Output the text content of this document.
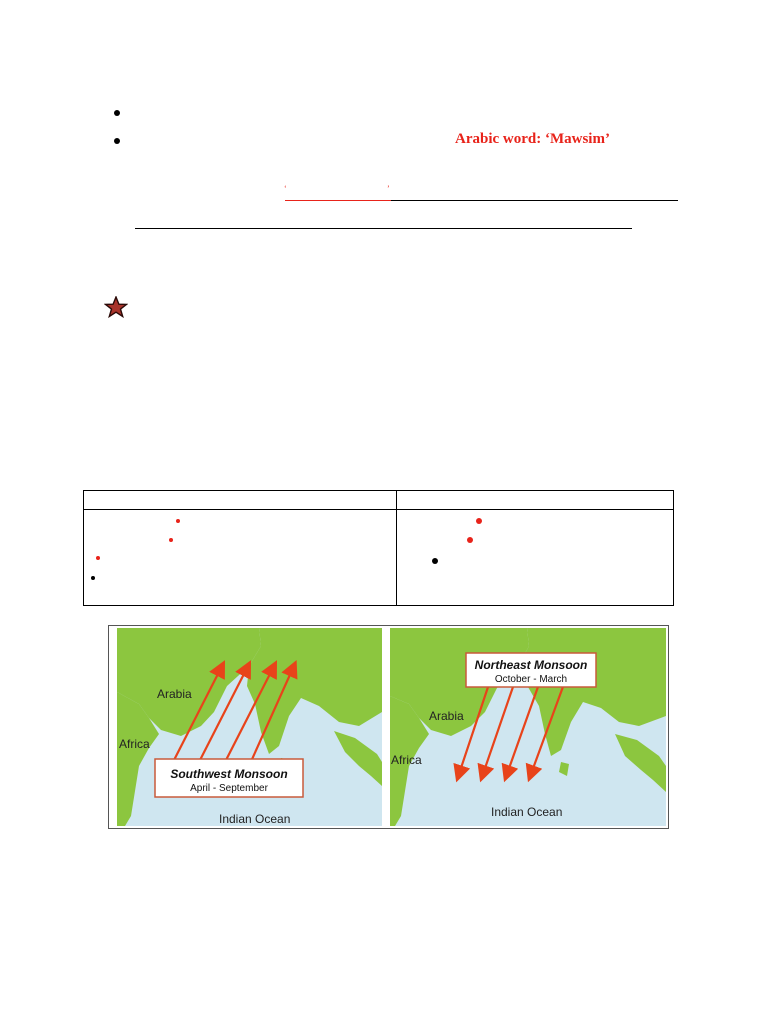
Arabic word: ‘Mawsim’
‘	’

Arabia
Africa
Indian Ocean
Southwest Monsoon
April - September
Arabia
Africa
Indian Ocean
Northeast Monsoon
October - March
